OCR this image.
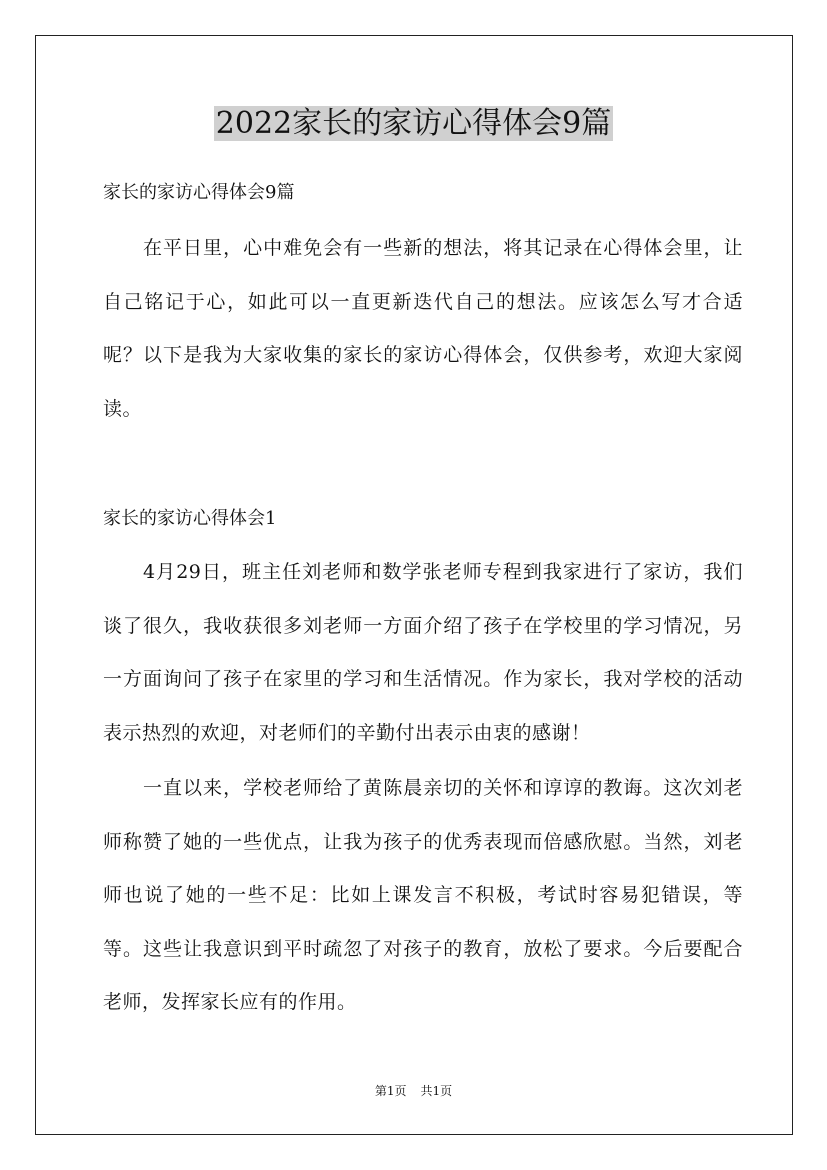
2022家长的家访心得体会9篇

家长的家访心得体会9篇

在平日里，心中难免会有一些新的想法，将其记录在心得体会里，让自己铭记于心，如此可以一直更新迭代自己的想法。应该怎么写才合适呢？以下是我为大家收集的家长的家访心得体会，仅供参考，欢迎大家阅读。

家长的家访心得体会1

4月29日，班主任刘老师和数学张老师专程到我家进行了家访，我们谈了很久，我收获很多刘老师一方面介绍了孩子在学校里的学习情况，另一方面询问了孩子在家里的学习和生活情况。作为家长，我对学校的活动表示热烈的欢迎，对老师们的辛勤付出表示由衷的感谢！

一直以来，学校老师给了黄陈晨亲切的关怀和谆谆的教诲。这次刘老师称赞了她的一些优点，让我为孩子的优秀表现而倍感欣慰。当然，刘老师也说了她的一些不足：比如上课发言不积极，考试时容易犯错误，等等。这些让我意识到平时疏忽了对孩子的教育，放松了要求。今后要配合老师，发挥家长应有的作用。

第1页 共1页
